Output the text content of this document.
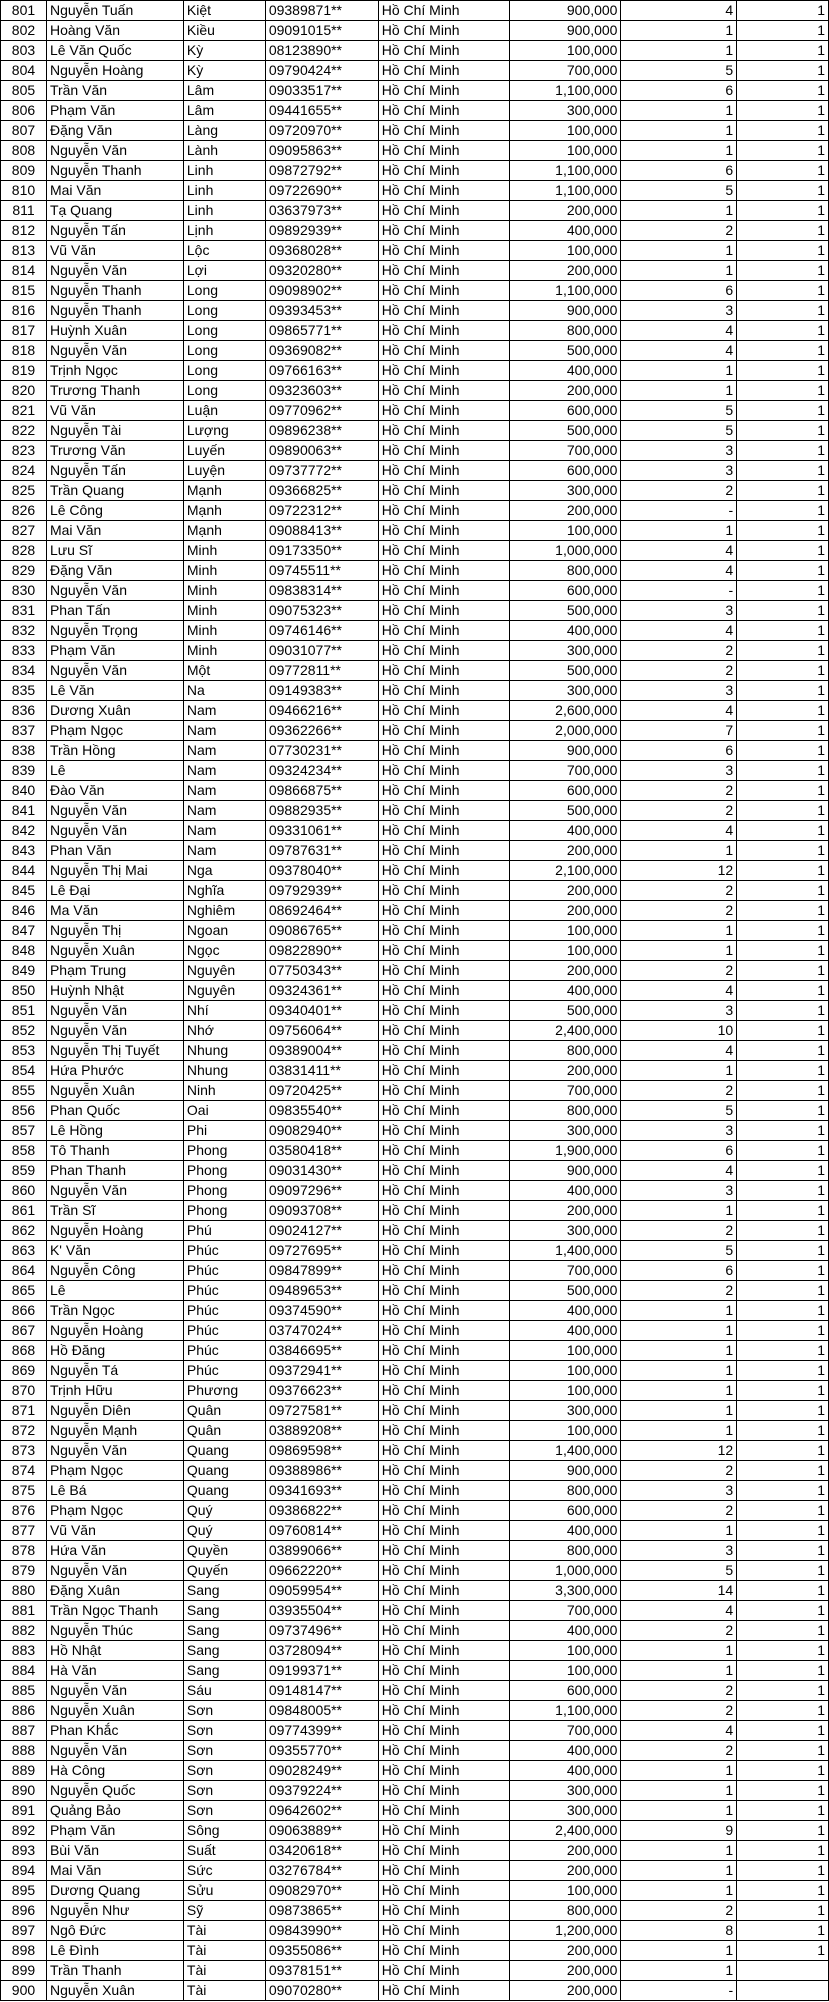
801	Nguyễn Tuấn	Kiệt	09389871**	Hồ Chí Minh	900,000	4	1
802	Hoàng Văn	Kiều	09091015**	Hồ Chí Minh	900,000	1	1
803	Lê Văn Quốc	Kỳ	08123890**	Hồ Chí Minh	100,000	1	1
804	Nguyễn Hoàng	Kỳ	09790424**	Hồ Chí Minh	700,000	5	1
805	Trần Văn	Lâm	09033517**	Hồ Chí Minh	1,100,000	6	1
806	Phạm Văn	Lâm	09441655**	Hồ Chí Minh	300,000	1	1
807	Đặng Văn	Làng	09720970**	Hồ Chí Minh	100,000	1	1
808	Nguyễn Văn	Lành	09095863**	Hồ Chí Minh	100,000	1	1
809	Nguyễn Thanh	Linh	09872792**	Hồ Chí Minh	1,100,000	6	1
810	Mai Văn	Linh	09722690**	Hồ Chí Minh	1,100,000	5	1
811	Tạ Quang	Linh	03637973**	Hồ Chí Minh	200,000	1	1
812	Nguyễn Tấn	Lịnh	09892939**	Hồ Chí Minh	400,000	2	1
813	Vũ Văn	Lộc	09368028**	Hồ Chí Minh	100,000	1	1
814	Nguyễn Văn	Lợi	09320280**	Hồ Chí Minh	200,000	1	1
815	Nguyễn Thanh	Long	09098902**	Hồ Chí Minh	1,100,000	6	1
816	Nguyễn Thanh	Long	09393453**	Hồ Chí Minh	900,000	3	1
817	Huỳnh Xuân	Long	09865771**	Hồ Chí Minh	800,000	4	1
818	Nguyễn Văn	Long	09369082**	Hồ Chí Minh	500,000	4	1
819	Trịnh Ngọc	Long	09766163**	Hồ Chí Minh	400,000	1	1
820	Trương Thanh	Long	09323603**	Hồ Chí Minh	200,000	1	1
821	Vũ Văn	Luận	09770962**	Hồ Chí Minh	600,000	5	1
822	Nguyễn Tài	Lượng	09896238**	Hồ Chí Minh	500,000	5	1
823	Trương Văn	Luyến	09890063**	Hồ Chí Minh	700,000	3	1
824	Nguyễn Tấn	Luyện	09737772**	Hồ Chí Minh	600,000	3	1
825	Trần Quang	Mạnh	09366825**	Hồ Chí Minh	300,000	2	1
826	Lê Công	Mạnh	09722312**	Hồ Chí Minh	200,000	-	1
827	Mai Văn	Mạnh	09088413**	Hồ Chí Minh	100,000	1	1
828	Lưu Sĩ	Minh	09173350**	Hồ Chí Minh	1,000,000	4	1
829	Đặng Văn	Minh	09745511**	Hồ Chí Minh	800,000	4	1
830	Nguyễn Văn	Minh	09838314**	Hồ Chí Minh	600,000	-	1
831	Phan Tấn	Minh	09075323**	Hồ Chí Minh	500,000	3	1
832	Nguyễn Trọng	Minh	09746146**	Hồ Chí Minh	400,000	4	1
833	Phạm Văn	Minh	09031077**	Hồ Chí Minh	300,000	2	1
834	Nguyễn Văn	Một	09772811**	Hồ Chí Minh	500,000	2	1
835	Lê Văn	Na	09149383**	Hồ Chí Minh	300,000	3	1
836	Dương Xuân	Nam	09466216**	Hồ Chí Minh	2,600,000	4	1
837	Phạm Ngọc	Nam	09362266**	Hồ Chí Minh	2,000,000	7	1
838	Trần Hồng	Nam	07730231**	Hồ Chí Minh	900,000	6	1
839	Lê	Nam	09324234**	Hồ Chí Minh	700,000	3	1
840	Đào Văn	Nam	09866875**	Hồ Chí Minh	600,000	2	1
841	Nguyễn Văn	Nam	09882935**	Hồ Chí Minh	500,000	2	1
842	Nguyễn Văn	Nam	09331061**	Hồ Chí Minh	400,000	4	1
843	Phan Văn	Nam	09787631**	Hồ Chí Minh	200,000	1	1
844	Nguyễn Thị Mai	Nga	09378040**	Hồ Chí Minh	2,100,000	12	1
845	Lê Đại	Nghĩa	09792939**	Hồ Chí Minh	200,000	2	1
846	Ma Văn	Nghiêm	08692464**	Hồ Chí Minh	200,000	2	1
847	Nguyễn Thị	Ngoan	09086765**	Hồ Chí Minh	100,000	1	1
848	Nguyễn Xuân	Ngọc	09822890**	Hồ Chí Minh	100,000	1	1
849	Phạm Trung	Nguyên	07750343**	Hồ Chí Minh	200,000	2	1
850	Huỳnh Nhật	Nguyên	09324361**	Hồ Chí Minh	400,000	4	1
851	Nguyễn Văn	Nhí	09340401**	Hồ Chí Minh	500,000	3	1
852	Nguyễn Văn	Nhớ	09756064**	Hồ Chí Minh	2,400,000	10	1
853	Nguyễn Thị Tuyết	Nhung	09389004**	Hồ Chí Minh	800,000	4	1
854	Hứa Phước	Nhung	03831411**	Hồ Chí Minh	200,000	1	1
855	Nguyễn Xuân	Ninh	09720425**	Hồ Chí Minh	700,000	2	1
856	Phan Quốc	Oai	09835540**	Hồ Chí Minh	800,000	5	1
857	Lê Hồng	Phi	09082940**	Hồ Chí Minh	300,000	3	1
858	Tô Thanh	Phong	03580418**	Hồ Chí Minh	1,900,000	6	1
859	Phan Thanh	Phong	09031430**	Hồ Chí Minh	900,000	4	1
860	Nguyễn Văn	Phong	09097296**	Hồ Chí Minh	400,000	3	1
861	Trần Sĩ	Phong	09093708**	Hồ Chí Minh	200,000	1	1
862	Nguyễn Hoàng	Phú	09024127**	Hồ Chí Minh	300,000	2	1
863	K' Văn	Phúc	09727695**	Hồ Chí Minh	1,400,000	5	1
864	Nguyễn Công	Phúc	09847899**	Hồ Chí Minh	700,000	6	1
865	Lê	Phúc	09489653**	Hồ Chí Minh	500,000	2	1
866	Trần Ngọc	Phúc	09374590**	Hồ Chí Minh	400,000	1	1
867	Nguyễn Hoàng	Phúc	03747024**	Hồ Chí Minh	400,000	1	1
868	Hồ Đăng	Phúc	03846695**	Hồ Chí Minh	100,000	1	1
869	Nguyễn Tá	Phúc	09372941**	Hồ Chí Minh	100,000	1	1
870	Trịnh Hữu	Phương	09376623**	Hồ Chí Minh	100,000	1	1
871	Nguyễn Diên	Quân	09727581**	Hồ Chí Minh	300,000	1	1
872	Nguyễn Mạnh	Quân	03889208**	Hồ Chí Minh	100,000	1	1
873	Nguyễn Văn	Quang	09869598**	Hồ Chí Minh	1,400,000	12	1
874	Phạm Ngọc	Quang	09388986**	Hồ Chí Minh	900,000	2	1
875	Lê Bá	Quang	09341693**	Hồ Chí Minh	800,000	3	1
876	Phạm Ngọc	Quý	09386822**	Hồ Chí Minh	600,000	2	1
877	Vũ Văn	Quý	09760814**	Hồ Chí Minh	400,000	1	1
878	Hứa Văn	Quyền	03899066**	Hồ Chí Minh	800,000	3	1
879	Nguyễn Văn	Quyến	09662220**	Hồ Chí Minh	1,000,000	5	1
880	Đặng Xuân	Sang	09059954**	Hồ Chí Minh	3,300,000	14	1
881	Trần Ngọc Thanh	Sang	03935504**	Hồ Chí Minh	700,000	4	1
882	Nguyễn Thúc	Sang	09737496**	Hồ Chí Minh	400,000	2	1
883	Hồ Nhật	Sang	03728094**	Hồ Chí Minh	100,000	1	1
884	Hà Văn	Sang	09199371**	Hồ Chí Minh	100,000	1	1
885	Nguyễn Văn	Sáu	09148147**	Hồ Chí Minh	600,000	2	1
886	Nguyễn Xuân	Sơn	09848005**	Hồ Chí Minh	1,100,000	2	1
887	Phan Khắc	Sơn	09774399**	Hồ Chí Minh	700,000	4	1
888	Nguyễn Văn	Sơn	09355770**	Hồ Chí Minh	400,000	2	1
889	Hà Công	Sơn	09028249**	Hồ Chí Minh	400,000	1	1
890	Nguyễn Quốc	Sơn	09379224**	Hồ Chí Minh	300,000	1	1
891	Quảng Bảo	Sơn	09642602**	Hồ Chí Minh	300,000	1	1
892	Phạm Văn	Sông	09063889**	Hồ Chí Minh	2,400,000	9	1
893	Bùi Văn	Suất	03420618**	Hồ Chí Minh	200,000	1	1
894	Mai Văn	Sức	03276784**	Hồ Chí Minh	200,000	1	1
895	Dương Quang	Sửu	09082970**	Hồ Chí Minh	100,000	1	1
896	Nguyễn Như	Sỹ	09873865**	Hồ Chí Minh	800,000	2	1
897	Ngô Đức	Tài	09843990**	Hồ Chí Minh	1,200,000	8	1
898	Lê Đình	Tài	09355086**	Hồ Chí Minh	200,000	1	1
899	Trần Thanh	Tài	09378151**	Hồ Chí Minh	200,000	1	
900	Nguyễn Xuân	Tài	09070280**	Hồ Chí Minh	200,000	-	
